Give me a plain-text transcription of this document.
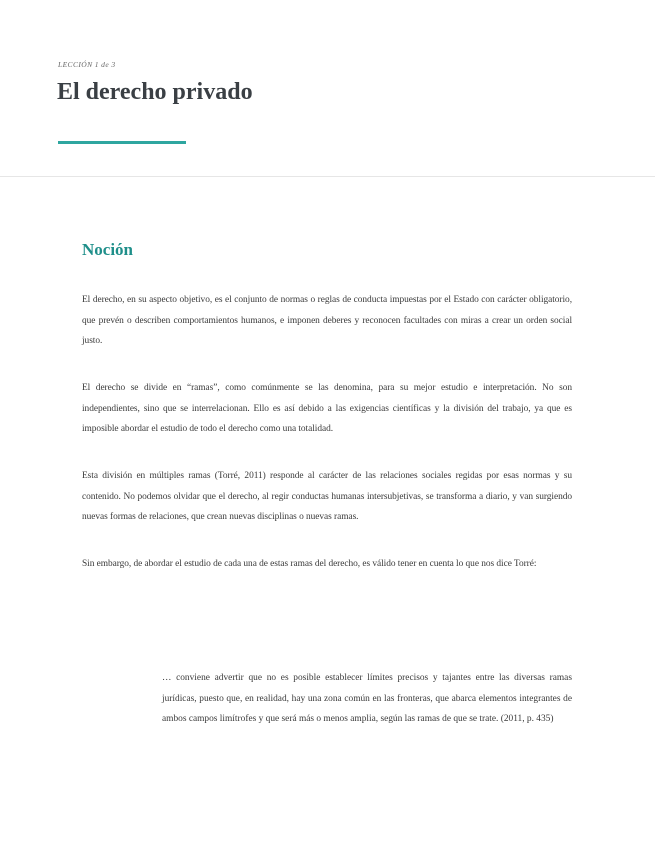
LECCIÓN 1 de 3
El derecho privado
Noción

El derecho, en su aspecto objetivo, es el conjunto de normas o reglas de conducta impuestas por el Estado con carácter obligatorio, que prevén o describen comportamientos humanos, e imponen deberes y reconocen facultades con miras a crear un orden social justo.

El derecho se divide en “ramas”, como comúnmente se las denomina, para su mejor estudio e interpretación. No son independientes, sino que se interrelacionan. Ello es así debido a las exigencias científicas y la división del trabajo, ya que es imposible abordar el estudio de todo el derecho como una totalidad.

Esta división en múltiples ramas (Torré, 2011) responde al carácter de las relaciones sociales regidas por esas normas y su contenido. No podemos olvidar que el derecho, al regir conductas humanas intersubjetivas, se transforma a diario, y van surgiendo nuevas formas de relaciones, que crean nuevas disciplinas o nuevas ramas.

Sin embargo, de abordar el estudio de cada una de estas ramas del derecho, es válido tener en cuenta lo que nos dice Torré:

… conviene advertir que no es posible establecer límites precisos y tajantes entre las diversas ramas jurídicas, puesto que, en realidad, hay una zona común en las fronteras, que abarca elementos integrantes de ambos campos limítrofes y que será más o menos amplia, según las ramas de que se trate. (2011, p. 435)
